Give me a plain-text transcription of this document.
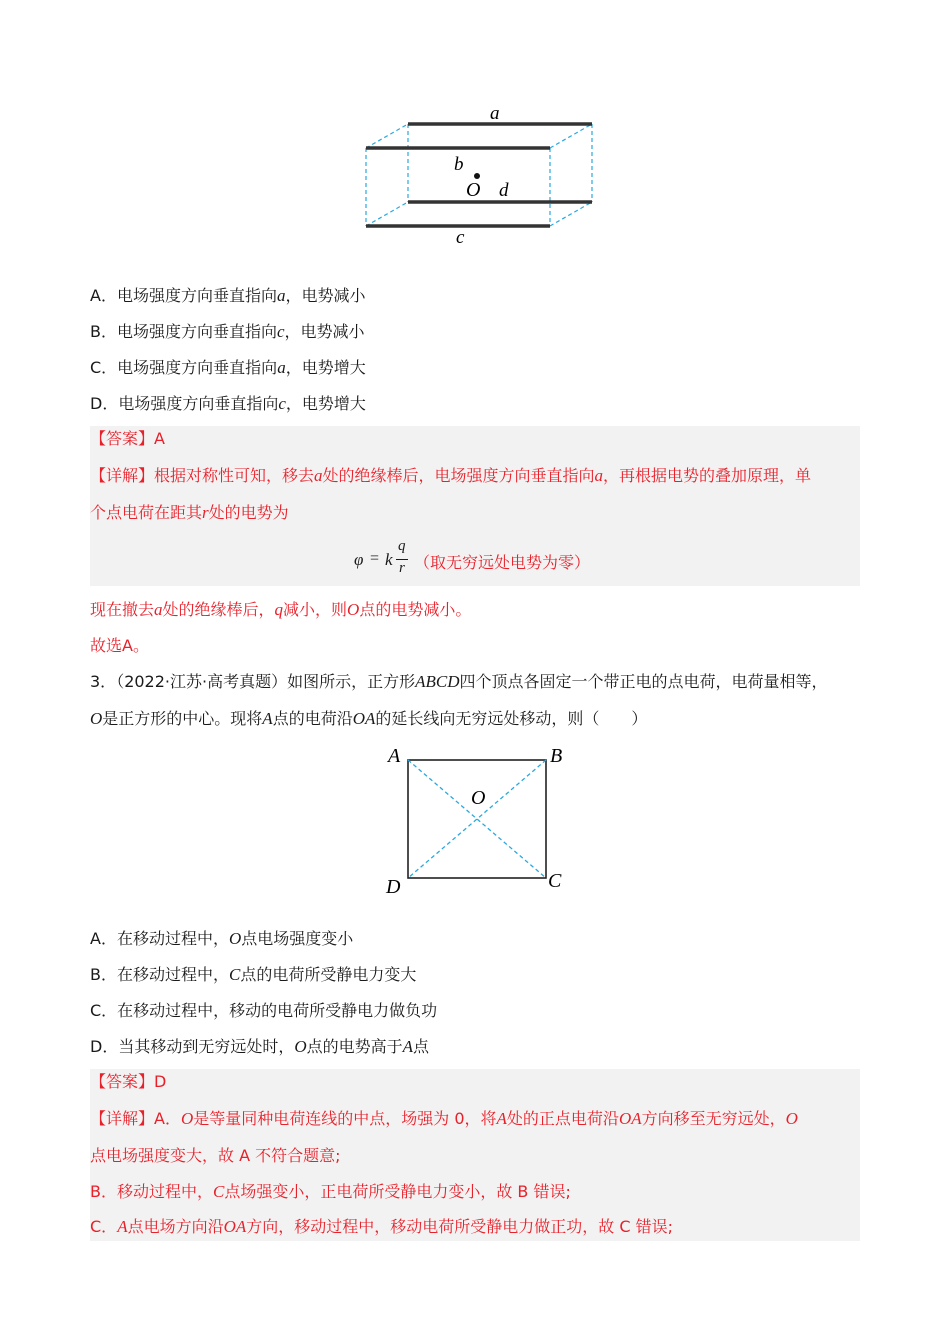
a
b
O d
c
A．电场强度方向垂直指向a，电势减小
B．电场强度方向垂直指向c，电势减小
C．电场强度方向垂直指向a，电势增大
D．电场强度方向垂直指向c，电势增大
【答案】A
【详解】根据对称性可知，移去a处的绝缘棒后，电场强度方向垂直指向a，再根据电势的叠加原理，单
个点电荷在距其r处的电势为
φ = k
q
r （取无穷远处电势为零）
现在撤去a处的绝缘棒后，q减小，则O点的电势减小。
故选A。
3．（2022·江苏·高考真题）如图所示，正方形ABCD四个顶点各固定一个带正电的点电荷，电荷量相等，
O是正方形的中心。现将A点的电荷沿OA的延长线向无穷远处移动，则（　　）
A	B
O
C
D
A．在移动过程中，O点电场强度变小
B．在移动过程中，C点的电荷所受静电力变大
C．在移动过程中，移动的电荷所受静电力做负功
D．当其移动到无穷远处时，O点的电势高于A点
【答案】D
【详解】A．O是等量同种电荷连线的中点，场强为 0，将A处的正点电荷沿OA方向移至无穷远处，O
点电场强度变大，故 A 不符合题意;
B．移动过程中，C点场强变小，正电荷所受静电力变小，故 B 错误;
C．A点电场方向沿OA方向，移动过程中，移动电荷所受静电力做正功，故 C 错误;
